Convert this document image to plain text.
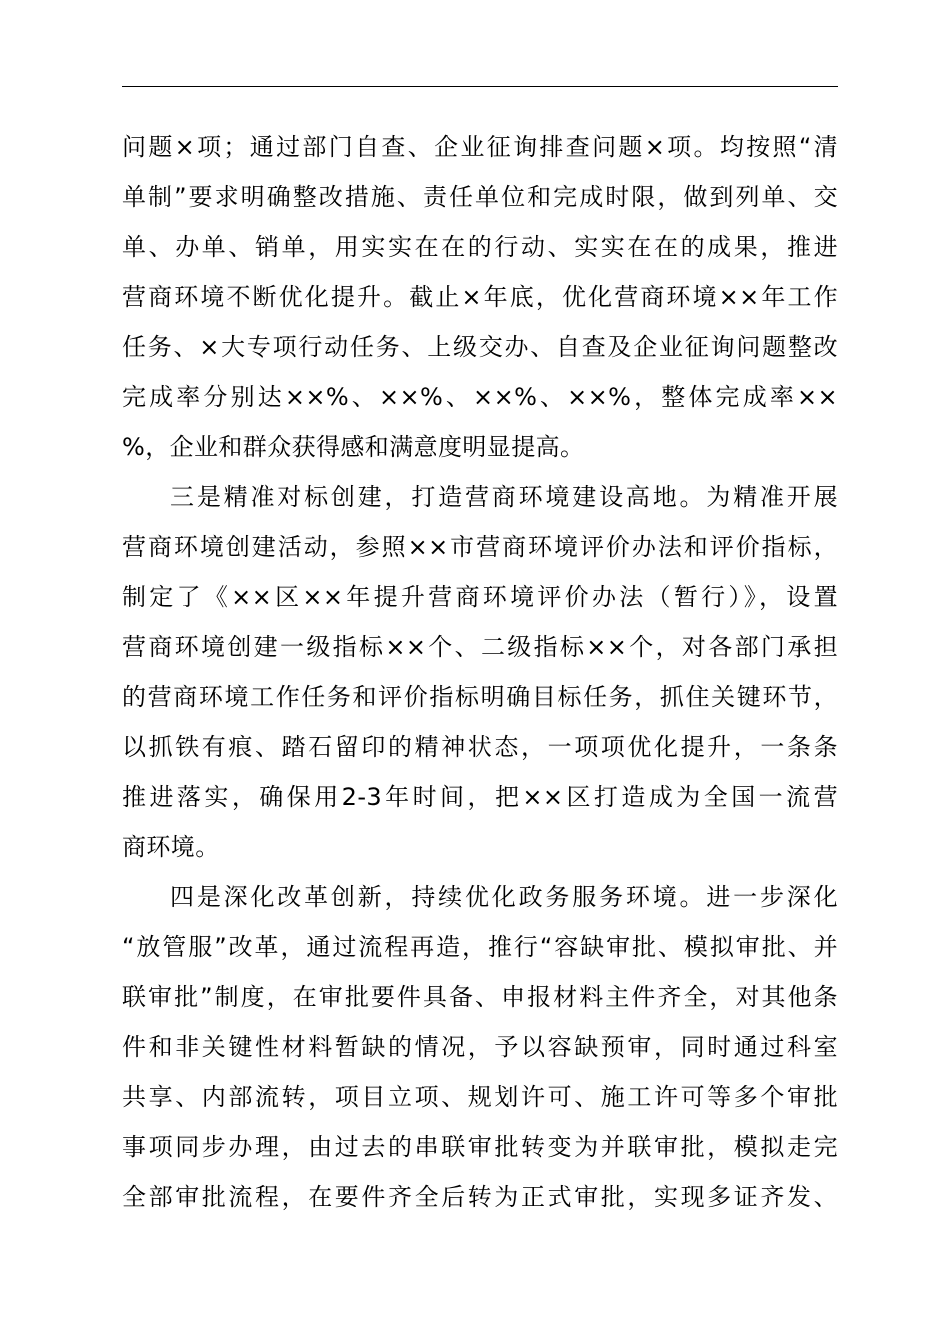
问题×项；通过部门自查、企业征询排查问题×项。均按照“清
单制”要求明确整改措施、责任单位和完成时限，做到列单、交
单、办单、销单，用实实在在的行动、实实在在的成果，推进
营商环境不断优化提升。截止×年底，优化营商环境××年工作
任务、×大专项行动任务、上级交办、自查及企业征询问题整改
完成率分别达××%、××%、××%、××%，整体完成率××
%，企业和群众获得感和满意度明显提高。
三是精准对标创建，打造营商环境建设高地。为精准开展
营商环境创建活动，参照××市营商环境评价办法和评价指标，
制定了《××区××年提升营商环境评价办法（暂行）》，设置
营商环境创建一级指标××个、二级指标××个，对各部门承担
的营商环境工作任务和评价指标明确目标任务，抓住关键环节，
以抓铁有痕、踏石留印的精神状态，一项项优化提升，一条条
推进落实，确保用2-3年时间，把××区打造成为全国一流营
商环境。
四是深化改革创新，持续优化政务服务环境。进一步深化
“放管服”改革，通过流程再造，推行“容缺审批、模拟审批、并
联审批”制度，在审批要件具备、申报材料主件齐全，对其他条
件和非关键性材料暂缺的情况，予以容缺预审，同时通过科室
共享、内部流转，项目立项、规划许可、施工许可等多个审批
事项同步办理，由过去的串联审批转变为并联审批，模拟走完
全部审批流程，在要件齐全后转为正式审批，实现多证齐发、
